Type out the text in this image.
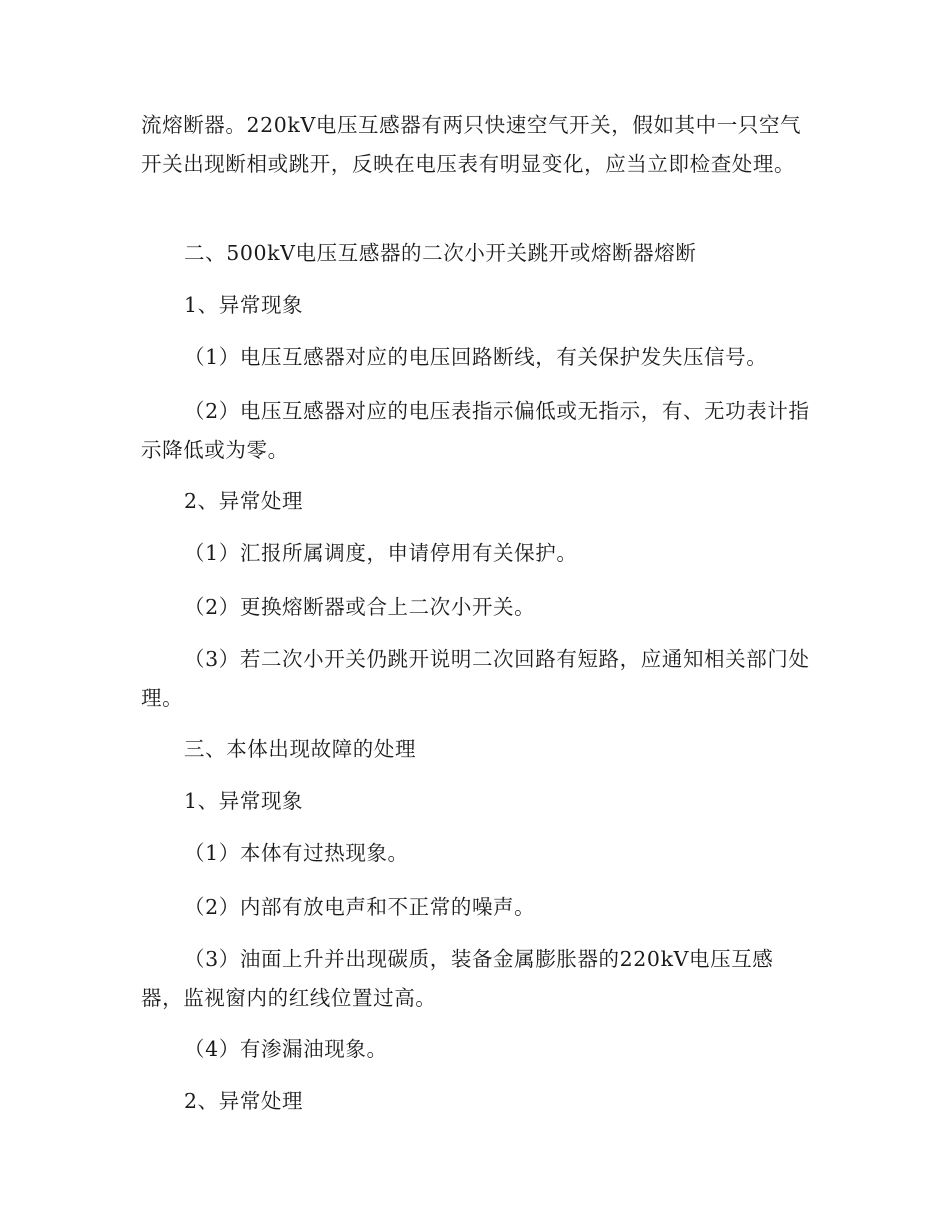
流熔断器。220kV电压互感器有两只快速空气开关，假如其中一只空气开关出现断相或跳开，反映在电压表有明显变化，应当立即检查处理。

二、500kV电压互感器的二次小开关跳开或熔断器熔断

1、异常现象

（1）电压互感器对应的电压回路断线，有关保护发失压信号。

（2）电压互感器对应的电压表指示偏低或无指示，有、无功表计指示降低或为零。

2、异常处理

（1）汇报所属调度，申请停用有关保护。

（2）更换熔断器或合上二次小开关。

（3）若二次小开关仍跳开说明二次回路有短路，应通知相关部门处理。

三、本体出现故障的处理

1、异常现象

（1）本体有过热现象。

（2）内部有放电声和不正常的噪声。

（3）油面上升并出现碳质，装备金属膨胀器的220kV电压互感器，监视窗内的红线位置过高。

（4）有渗漏油现象。

2、异常处理
